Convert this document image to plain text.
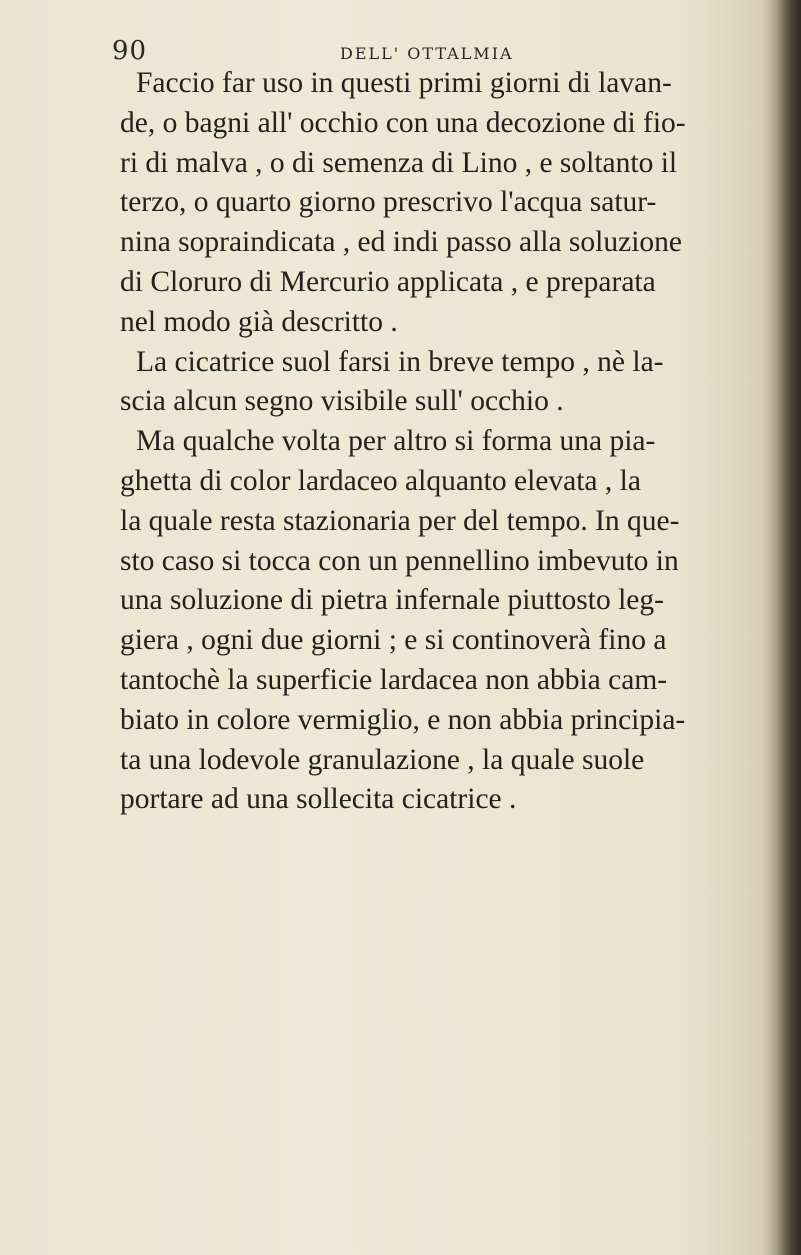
90	DELL' OTTALMIA
Faccio far uso in questi primi giorni di lavan-
de, o bagni all' occhio con una decozione di fio-
ri di malva , o di semenza di Lino , e soltanto il
terzo, o quarto giorno prescrivo l'acqua satur-
nina sopraindicata , ed indi passo alla soluzione
di Cloruro di Mercurio applicata , e preparata
nel modo già descritto .
La cicatrice suol farsi in breve tempo , nè la-
scia alcun segno visibile sull' occhio .
Ma qualche volta per altro si forma una pia-
ghetta di color lardaceo alquanto elevata , la
la quale resta stazionaria per del tempo. In que-
sto caso si tocca con un pennellino imbevuto in
una soluzione di pietra infernale piuttosto leg-
giera , ogni due giorni ; e si continoverà fino a
tantochè la superficie lardacea non abbia cam-
biato in colore vermiglio, e non abbia principia-
ta una lodevole granulazione , la quale suole
portare ad una sollecita cicatrice .
